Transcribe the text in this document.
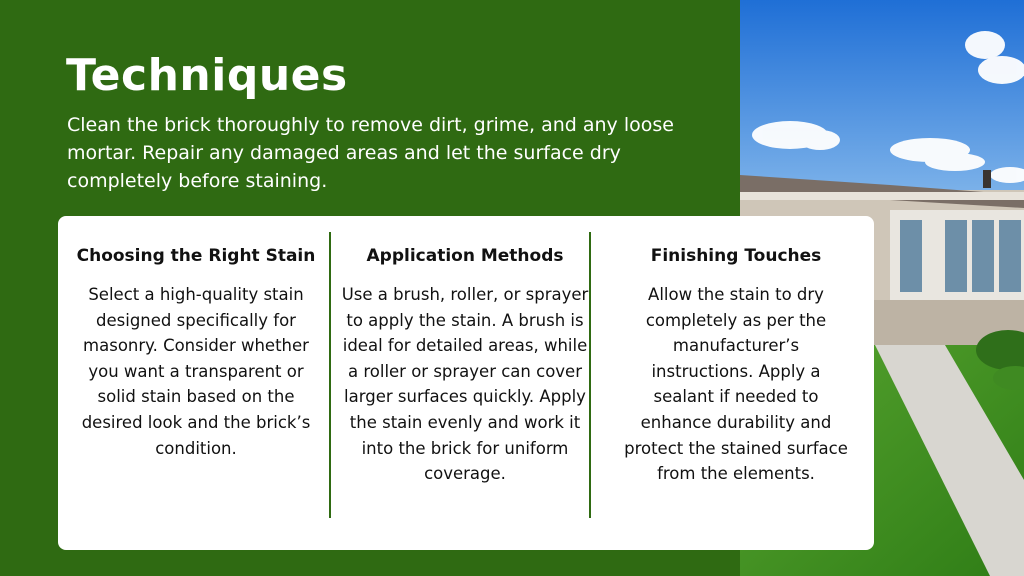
Techniques

Clean the brick thoroughly to remove dirt, grime, and any loose mortar. Repair any damaged areas and let the surface dry completely before staining.

Choosing the Right Stain

Select a high-quality stain designed specifically for masonry. Consider whether you want a transparent or solid stain based on the desired look and the brick’s condition.

Application Methods

Use a brush, roller, or sprayer to apply the stain. A brush is ideal for detailed areas, while a roller or sprayer can cover larger surfaces quickly. Apply the stain evenly and work it into the brick for uniform coverage.

Finishing Touches

Allow the stain to dry completely as per the manufacturer’s instructions. Apply a sealant if needed to enhance durability and protect the stained surface from the elements.
